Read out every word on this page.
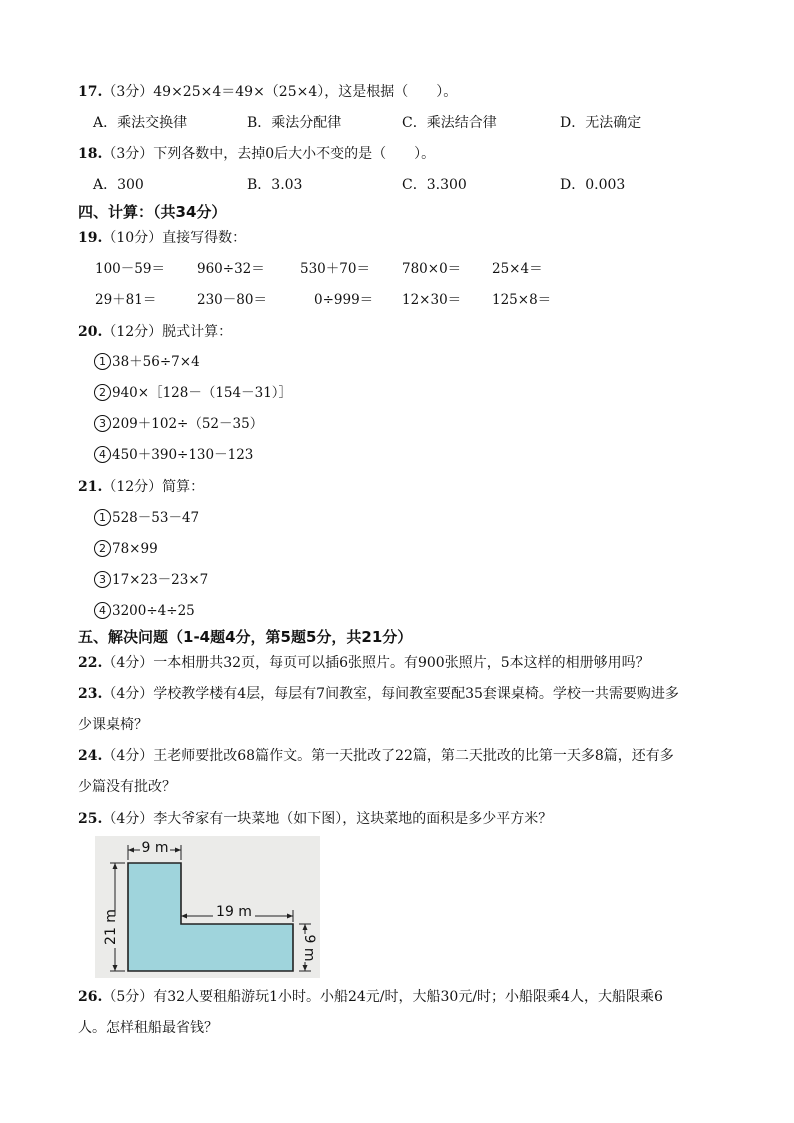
17.（3分）49×25×4＝49×（25×4），这是根据（　　）。
A．乘法交换律	B．乘法分配律	C．乘法结合律	D．无法确定
18.（3分）下列各数中，去掉0后大小不变的是（　　）。
A．300	B．3.03	C．3.300	D．0.003
四、计算：（共34分）
19.（10分）直接写得数：
100－59＝ 960÷32＝	530＋70＝ 780×0＝ 25×4＝
29＋81＝	230－80＝	0÷999＝ 12×30＝ 125×8＝
20.（12分）脱式计算：
1 38＋56÷7×4
2 940×［128－（154－31）］
3 209＋102÷（52－35）
4 450＋390÷130－123
21.（12分）简算：
1 528－53－47
2 78×99
3 17×23－23×7
4 3200÷4÷25
五、解决问题（1-4题4分，第5题5分，共21分）
22.（4分）一本相册共32页，每页可以插6张照片。有900张照片，5本这样的相册够用吗？
23.（4分）学校教学楼有4层，每层有7间教室，每间教室要配35套课桌椅。学校一共需要购进多
少课桌椅？
24.（4分）王老师要批改68篇作文。第一天批改了22篇，第二天批改的比第一天多8篇，还有多
少篇没有批改？
25.（4分）李大爷家有一块菜地（如下图），这块菜地的面积是多少平方米？
9 m
21 m	19 m
9 m
26.（5分）有32人要租船游玩1小时。小船24元/时，大船30元/时；小船限乘4人，大船限乘6
人。怎样租船最省钱？
